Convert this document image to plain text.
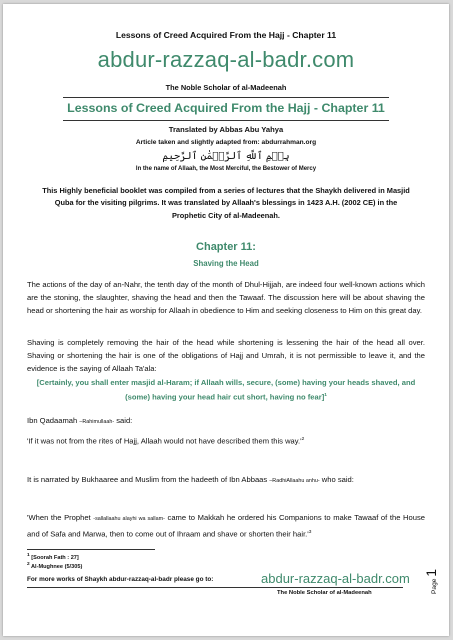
Lessons of Creed Acquired From the Hajj - Chapter 11
abdur-razzaq-al-badr.com
The Noble Scholar of al-Madeenah
Lessons of Creed Acquired From the Hajj - Chapter 11
Translated by Abbas Abu Yahya
Article taken and slightly adapted from: abdurrahman.org
بِسۡمِ ٱللَّهِ ٱلرَّحۡمَٰنِ ٱلرَّحِيمِ
In the name of Allaah, the Most Merciful, the Bestower of Mercy
This Highly beneficial booklet was compiled from a series of lectures that the Shaykh delivered in Masjid Quba for the visiting pilgrims. It was translated by Allaah's blessings in 1423 A.H. (2002 CE) in the Prophetic City of al-Madeenah.
Chapter 11:
Shaving the Head
The actions of the day of an-Nahr, the tenth day of the month of Dhul-Hijjah, are indeed four well-known actions which are the stoning, the slaughter, shaving the head and then the Tawaaf. The discussion here will be about shaving the head or shortening the hair as worship for Allaah in obedience to Him and seeking closeness to Him on this great day.
Shaving is completely removing the hair of the head while shortening is lessening the hair of the head all over. Shaving or shortening the hair is one of the obligations of Hajj and Umrah, it is not permissible to leave it, and the evidence is the saying of Allaah Ta'ala:
[Certainly, you shall enter masjid al-Haram; if Allaah wills, secure, (some) having your heads shaved, and (some) having your head hair cut short, having no fear]$^1$
Ibn Qadaamah –Rahimullaah- said:
'If it was not from the rites of Hajj, Allaah would not have described them this $way.'^2$
It is narrated by Bukhaaree and Muslim from the hadeeth of Ibn Abbaas –RadhiAllaahu anhu- who said:
'When the Prophet -sallallaahu alayhi wa sallam- came to Makkah he ordered his Companions to make Tawaaf of the House and of Safa and Marwa, then to come out of Ihraam and shave or shorten their $hair.'^3$
$^1$ [Soorah Fath : 27]
$^2$ Al-Mughnee (5/305)
For more works of Shaykh abdur-razzaq-al-badr please go to:	abdur-razzaq-al-badr.com
The Noble Scholar of al-Madeenah	Page 1
